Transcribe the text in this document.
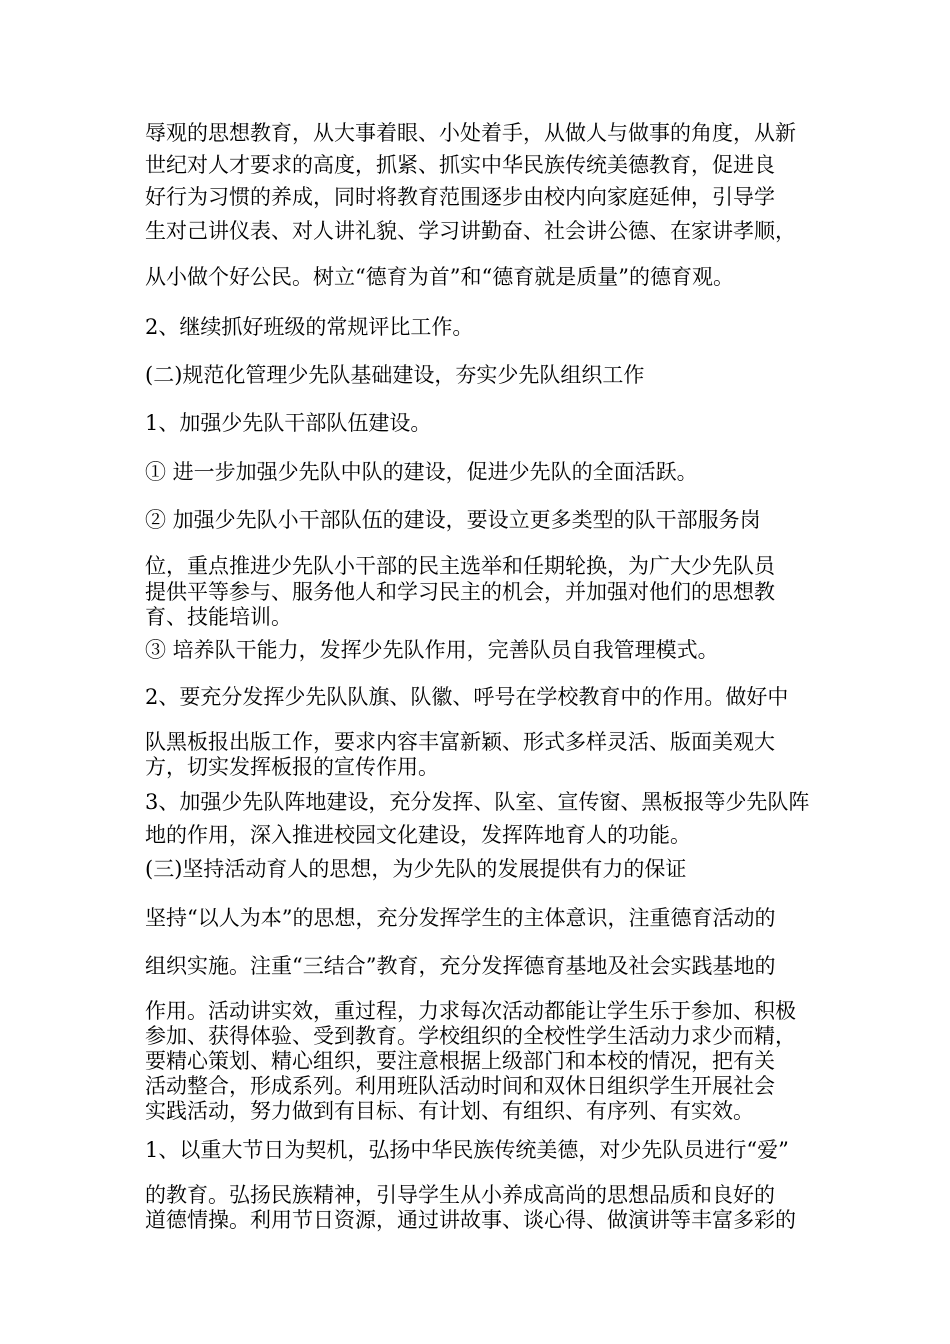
辱观的思想教育，从大事着眼、小处着手，从做人与做事的角度，从新
世纪对人才要求的高度，抓紧、抓实中华民族传统美德教育，促进良
好行为习惯的养成，同时将教育范围逐步由校内向家庭延伸，引导学
生对己讲仪表、对人讲礼貌、学习讲勤奋、社会讲公德、在家讲孝顺，
从小做个好公民。树立“德育为首”和“德育就是质量”的德育观。
2、继续抓好班级的常规评比工作。
(二)规范化管理少先队基础建设，夯实少先队组织工作
1、加强少先队干部队伍建设。
① 进一步加强少先队中队的建设，促进少先队的全面活跃。
② 加强少先队小干部队伍的建设，要设立更多类型的队干部服务岗
位，重点推进少先队小干部的民主选举和任期轮换，为广大少先队员
提供平等参与、服务他人和学习民主的机会，并加强对他们的思想教
育、技能培训。
③ 培养队干能力，发挥少先队作用，完善队员自我管理模式。
2、要充分发挥少先队队旗、队徽、呼号在学校教育中的作用。做好中
队黑板报出版工作，要求内容丰富新颖、形式多样灵活、版面美观大
方，切实发挥板报的宣传作用。
3、加强少先队阵地建设，充分发挥、队室、宣传窗、黑板报等少先队阵
地的作用，深入推进校园文化建设，发挥阵地育人的功能。
(三)坚持活动育人的思想，为少先队的发展提供有力的保证
坚持“以人为本”的思想，充分发挥学生的主体意识，注重德育活动的
组织实施。注重“三结合”教育，充分发挥德育基地及社会实践基地的
作用。活动讲实效，重过程，力求每次活动都能让学生乐于参加、积极
参加、获得体验、受到教育。学校组织的全校性学生活动力求少而精，
要精心策划、精心组织，要注意根据上级部门和本校的情况，把有关
活动整合，形成系列。利用班队活动时间和双休日组织学生开展社会
实践活动，努力做到有目标、有计划、有组织、有序列、有实效。
1、以重大节日为契机，弘扬中华民族传统美德，对少先队员进行“爱”
的教育。弘扬民族精神，引导学生从小养成高尚的思想品质和良好的
道德情操。利用节日资源，通过讲故事、谈心得、做演讲等丰富多彩的
